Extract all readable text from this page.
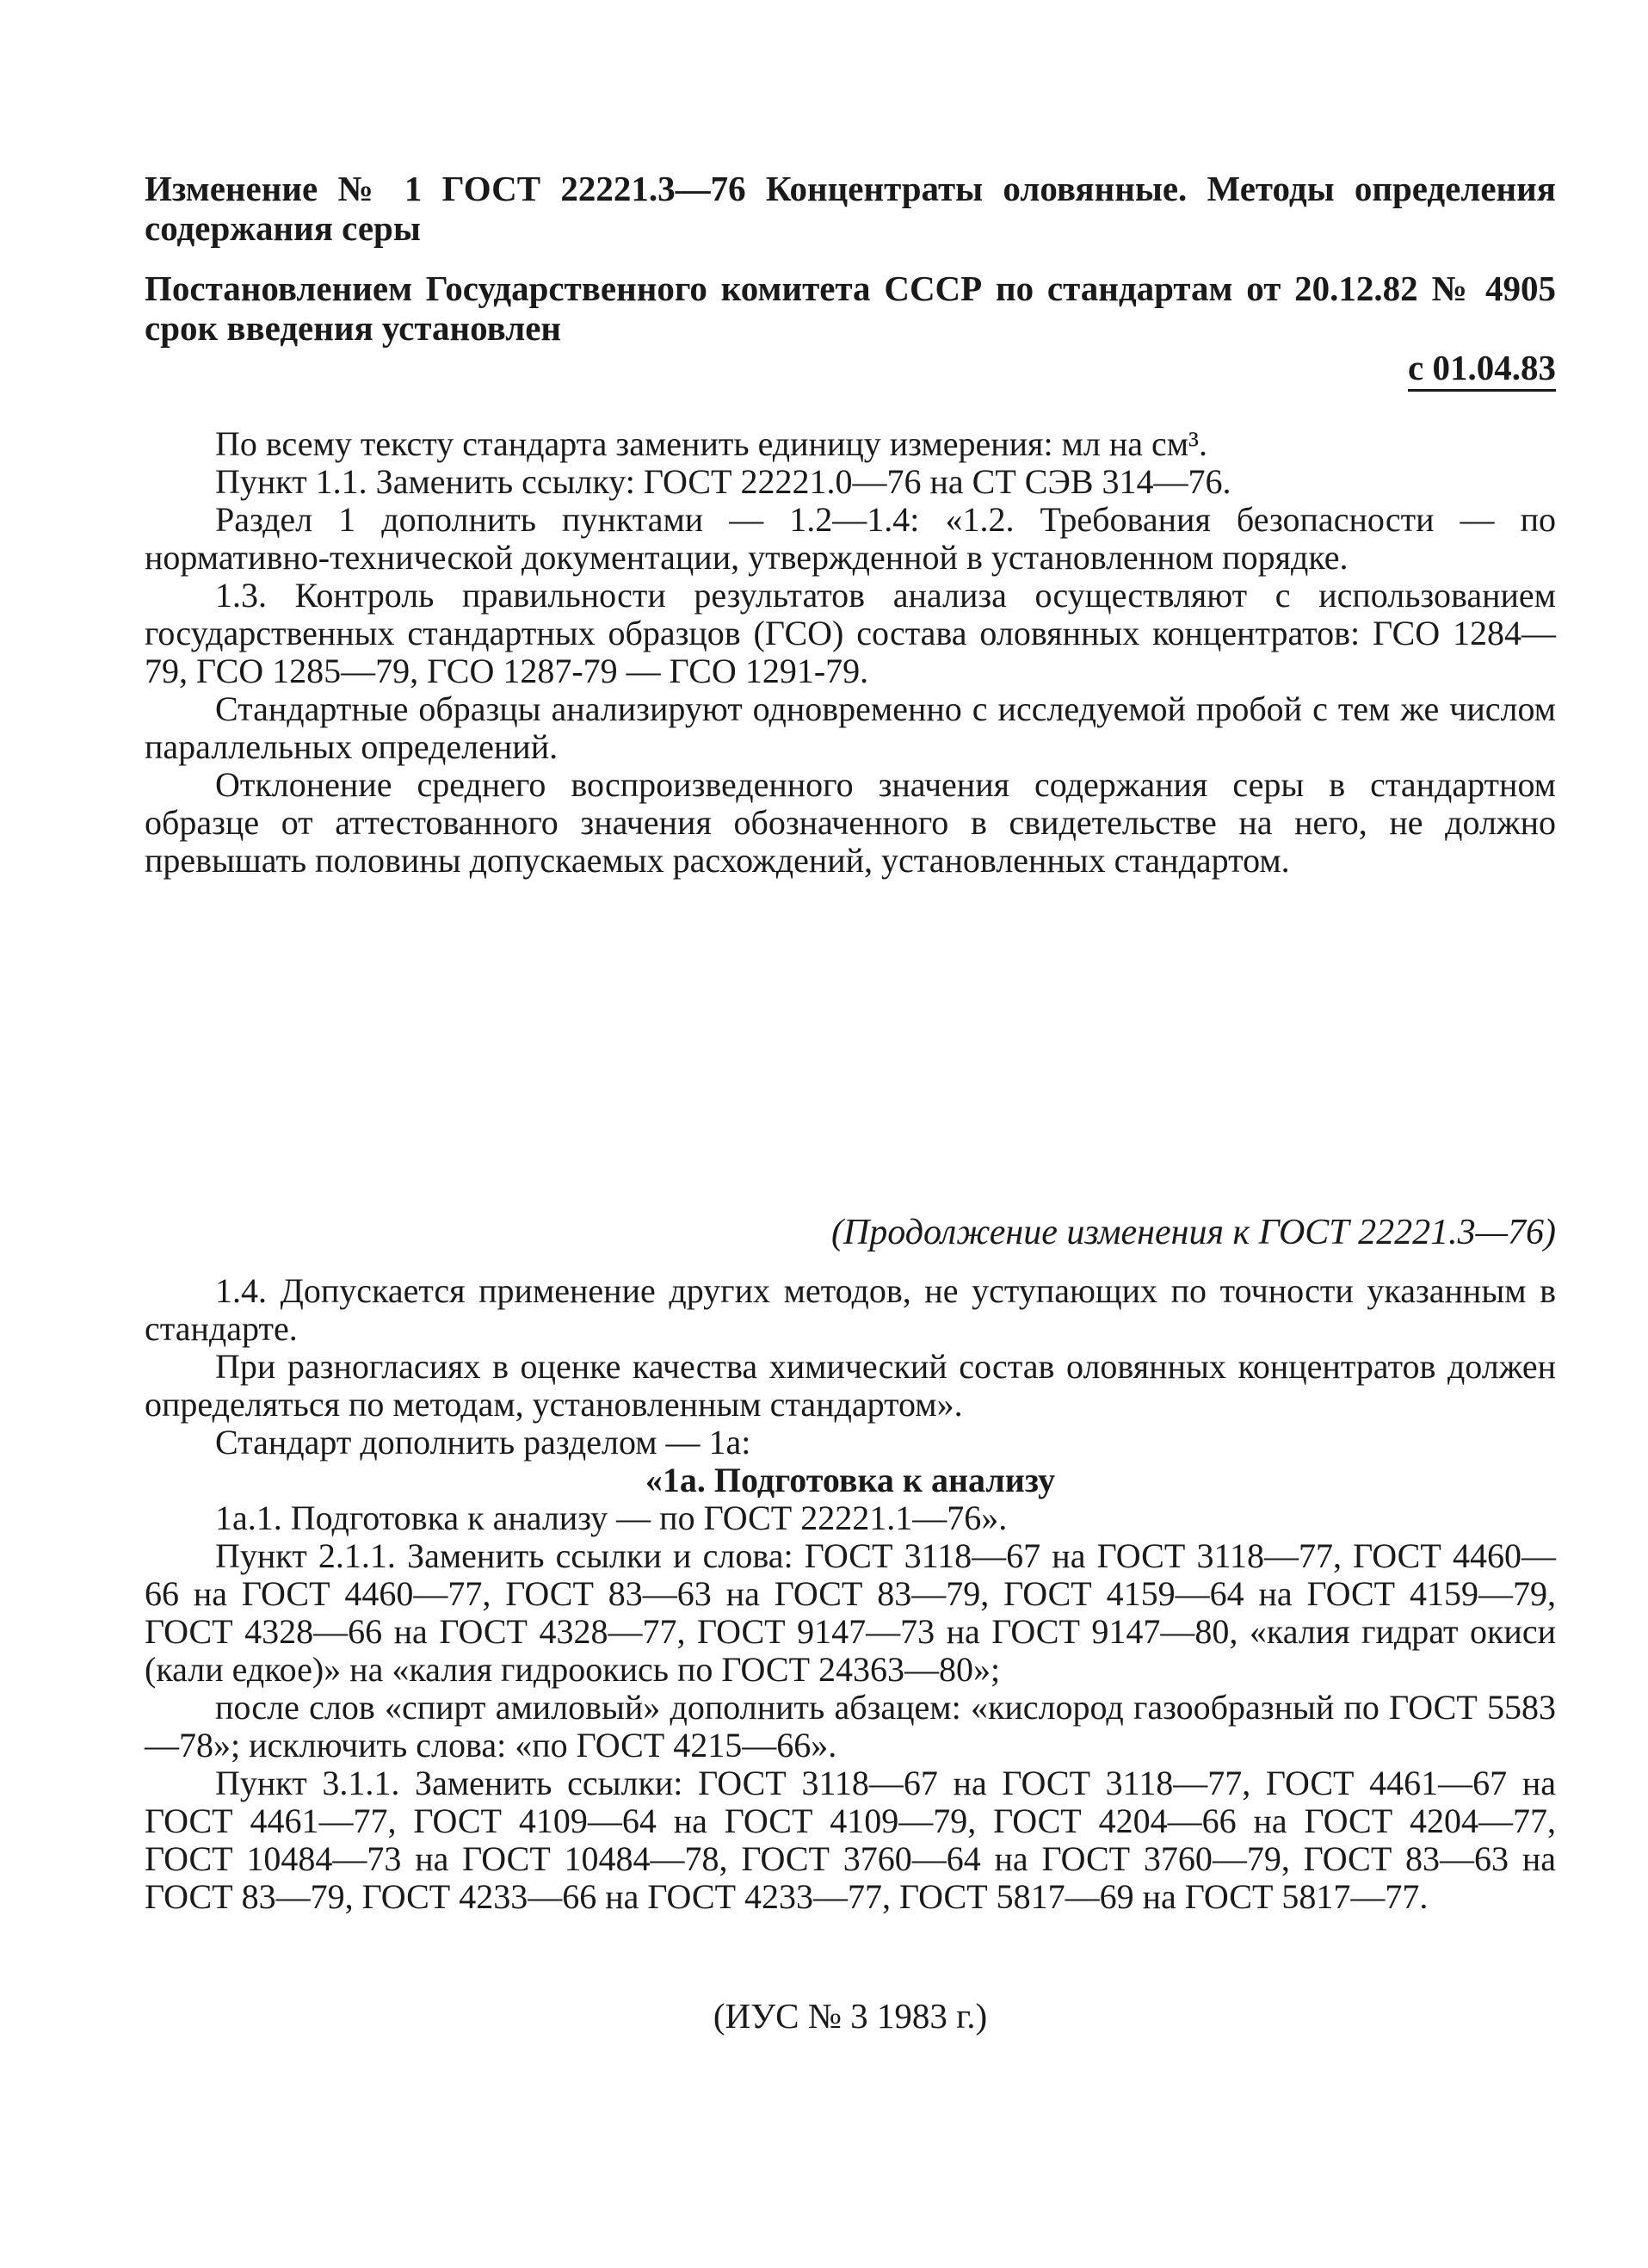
Изменение № 1 ГОСТ 22221.3—76 Концентраты оловянные. Методы определения содержания серы

Постановлением Государственного комитета СССР по стандартам от 20.12.82 № 4905 срок введения установлен

с 01.04.83

По всему тексту стандарта заменить единицу измерения: мл на см³.

Пункт 1.1. Заменить ссылку: ГОСТ 22221.0—76 на СТ СЭВ 314—76.

Раздел 1 дополнить пунктами — 1.2—1.4: «1.2. Требования безопасности — по нормативно-технической документации, утвержденной в установленном порядке.

1.3. Контроль правильности результатов анализа осуществляют с использованием государственных стандартных образцов (ГСО) состава оловянных концентратов: ГСО 1284—79, ГСО 1285—79, ГСО 1287-79 — ГСО 1291-79.

Стандартные образцы анализируют одновременно с исследуемой пробой с тем же числом параллельных определений.

Отклонение среднего воспроизведенного значения содержания серы в стандартном образце от аттестованного значения обозначенного в свидетельстве на него, не должно превышать половины допускаемых расхождений, установленных стандартом.

(Продолжение изменения к ГОСТ 22221.3—76)

1.4. Допускается применение других методов, не уступающих по точности указанным в стандарте.

При разногласиях в оценке качества химический состав оловянных концентратов должен определяться по методам, установленным стандартом».

Стандарт дополнить разделом — 1а:

«1а. Подготовка к анализу

1а.1. Подготовка к анализу — по ГОСТ 22221.1—76».

Пункт 2.1.1. Заменить ссылки и слова: ГОСТ 3118—67 на ГОСТ 3118—77, ГОСТ 4460—66 на ГОСТ 4460—77, ГОСТ 83—63 на ГОСТ 83—79, ГОСТ 4159—64 на ГОСТ 4159—79, ГОСТ 4328—66 на ГОСТ 4328—77, ГОСТ 9147—73 на ГОСТ 9147—80, «калия гидрат окиси (кали едкое)» на «калия гидроокись по ГОСТ 24363—80»;

после слов «спирт амиловый» дополнить абзацем: «кислород газообразный по ГОСТ 5583—78»; исключить слова: «по ГОСТ 4215—66».

Пункт 3.1.1. Заменить ссылки: ГОСТ 3118—67 на ГОСТ 3118—77, ГОСТ 4461—67 на ГОСТ 4461—77, ГОСТ 4109—64 на ГОСТ 4109—79, ГОСТ 4204—66 на ГОСТ 4204—77, ГОСТ 10484—73 на ГОСТ 10484—78, ГОСТ 3760—64 на ГОСТ 3760—79, ГОСТ 83—63 на ГОСТ 83—79, ГОСТ 4233—66 на ГОСТ 4233—77, ГОСТ 5817—69 на ГОСТ 5817—77.

(ИУС № 3 1983 г.)
